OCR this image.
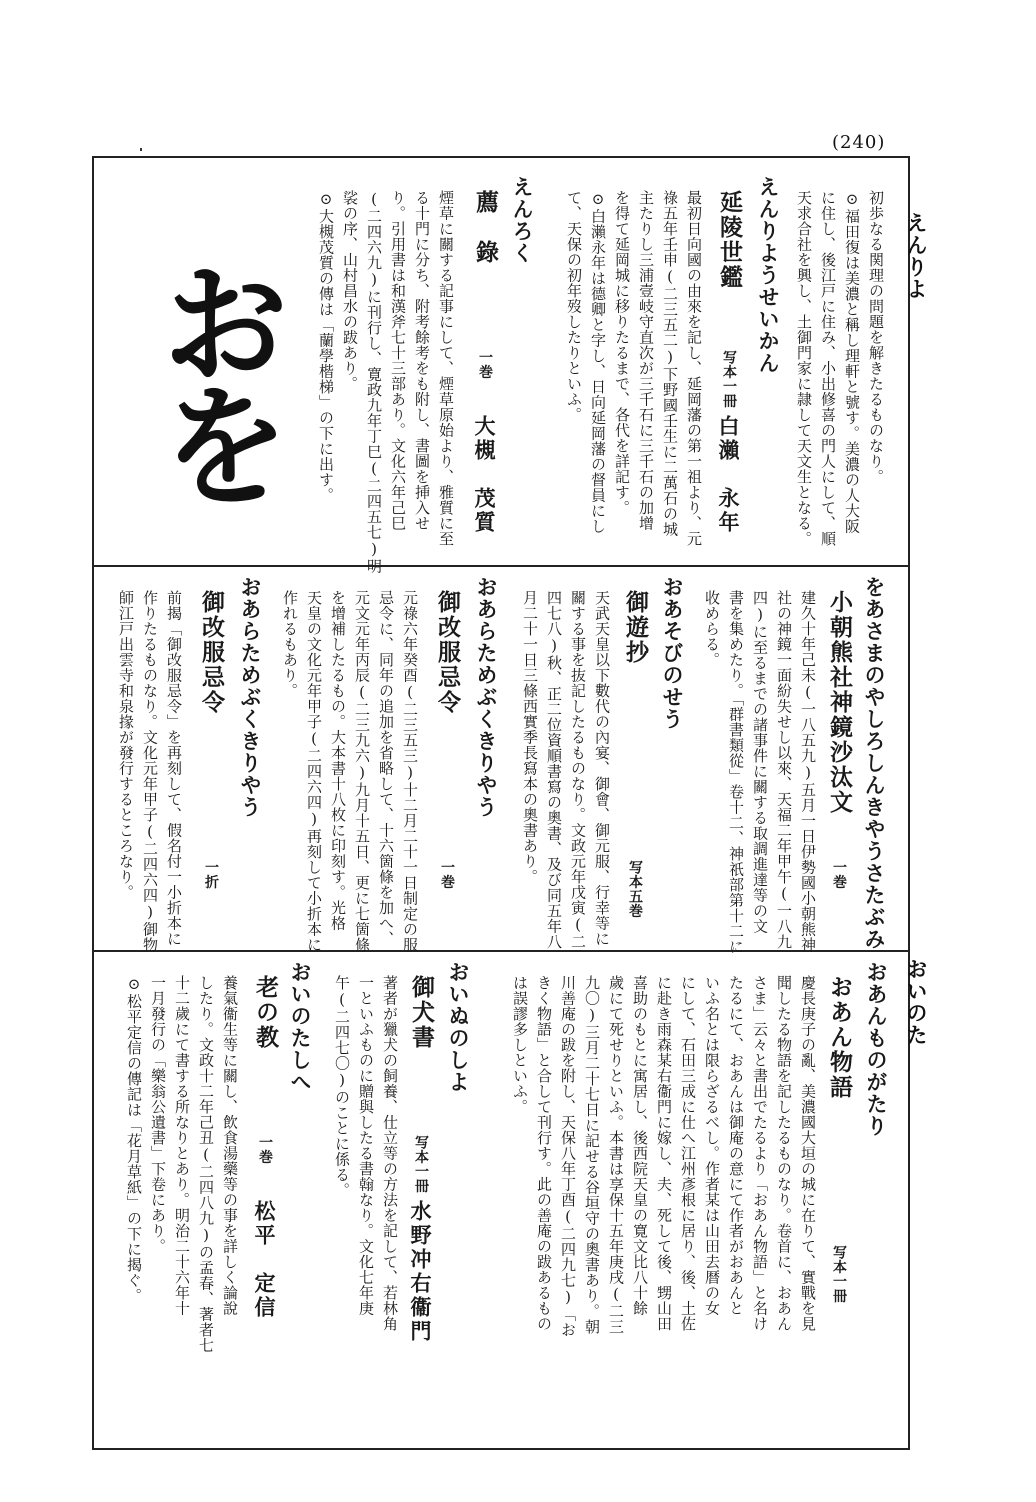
(240)
えんりよ
おいのた
おを	初歩なる関理の問題を解きたるものなり。
⊙福田復は美濃と稱し理軒と號す。美濃の人大阪
に住し、後江戸に住み、小出修喜の門人にして、順
天求合社を興し、土御門家に隷して天文生となる。
えんりようせいかん
延陵世鑑
写本一冊
白瀨　永年
最初日向國の由來を記し、延岡藩の第一祖より、元
祿五年壬申(二三五二)下野國壬生に二萬石の城
主たりし三浦壹岐守直次が三千石に三千石の加增
を得て延岡城に移りたるまで、各代を詳記す。
⊙白瀨永年は德卿と字し、日向延岡藩の督員にし
て、天保の初年歿したりといふ。
えんろく
薦　錄
一巻
大槻　茂質
煙草に關する記事にして、煙草原始より、雅質に至
る十門に分ち、附考餘考をも附し、書圖を挿入せ
り。引用書は和漢斧七十三部あり。文化六年己巳
(二四六九)に刊行し、寛政九年丁巳(二四五七)明
裟の序、山村昌水の跋あり。
⊙大槻茂質の傳は「蘭學楷梯」の下に出す。
をあさまのやしろしんきやうさたぶみ
小朝熊社神鏡沙汰文
一巻
建久十年己未(一八五九)五月一日伊勢國小朝熊神
社の神鏡一面紛失せし以來、天福二年甲午(一八九
四)に至るまでの諸事件に關する取調進達等の文
書を集めたり。「群書類從」卷十二、神祇部第十二に
收めらる。
おあそびのせう
御遊抄
写本五巻
天武天皇以下數代の內宴、御會、御元服、行幸等に
關する事を抜記したるものなり。文政元年戊寅(二
四七八)秋、正二位資順書寫の奧書、及び同五年八
月二十一日三條西實季長寫本の奧書あり。
おあらためぶくきりやう
御改服忌令
一巻
元祿六年癸酉(二三五三)十二月二十一日制定の服
忌令に、同年の追加を省略して、十六箇條を加へ、
元文元年丙辰(二三九六)九月十五日、更に七箇條
を增補したるもの。大本書十八枚に印刻す。光格
天皇の文化元年甲子(二四六四)再刻して小折本に
作れるもあり。
おあらためぶくきりやう
御改服忌令
一折
前揭「御改服忌令」を再刻して、假名付一小折本に
作りたるものなり。文化元年甲子(二四六四)御物
師江戸出雲寺和泉掾が發行するところなり。
おあんものがたり
おあん物語
写本一冊
慶長庚子の亂、美濃國大垣の城に在りて、實戰を見
聞したる物語を記したるものなり。卷首に、おあん
さま」云々と書出でたるより「おあん物語」と名け
たるにて、おあんは御庵の意にて作者がおあんと
いふ名とは限らざるべし。作者某は山田去暦の女
にして、石田三成に仕へ江州彥根に居り、後、土佐
に赴き雨森某右衞門に嫁し、夫、死して後、甥山田
喜助のもとに寓居し、後西院天皇の寛文比八十餘
歲にて死せりといふ。本書は享保十五年庚戌(二三
九〇)三月二十七日に記せる谷垣守の奧書あり。朝
川善庵の跋を附し、天保八年丁酉(二四九七)「お
きく物語」と合して刊行す。此の善庵の跋あるもの
は誤謬多しといふ。
おいぬのしよ
御犬書
写本一冊
水野冲右衞門
著者が獵犬の飼養、仕立等の方法を記して、若林角
一といふものに贈與したる書翰なり。文化七年庚
午(二四七〇)のことに係る。
おいのたしへ
老の教
一巻
松平　定信
養氣衞生等に關し、飲食湯藥等の事を詳しく論說
したり。文政十二年己丑(二四八九)の孟春、著者七
十二歲にて書する所なりとあり。明治二十六年十
一月發行の「樂翁公遺書」下卷にあり。
⊙松平定信の傳記は「花月草紙」の下に揭ぐ。
